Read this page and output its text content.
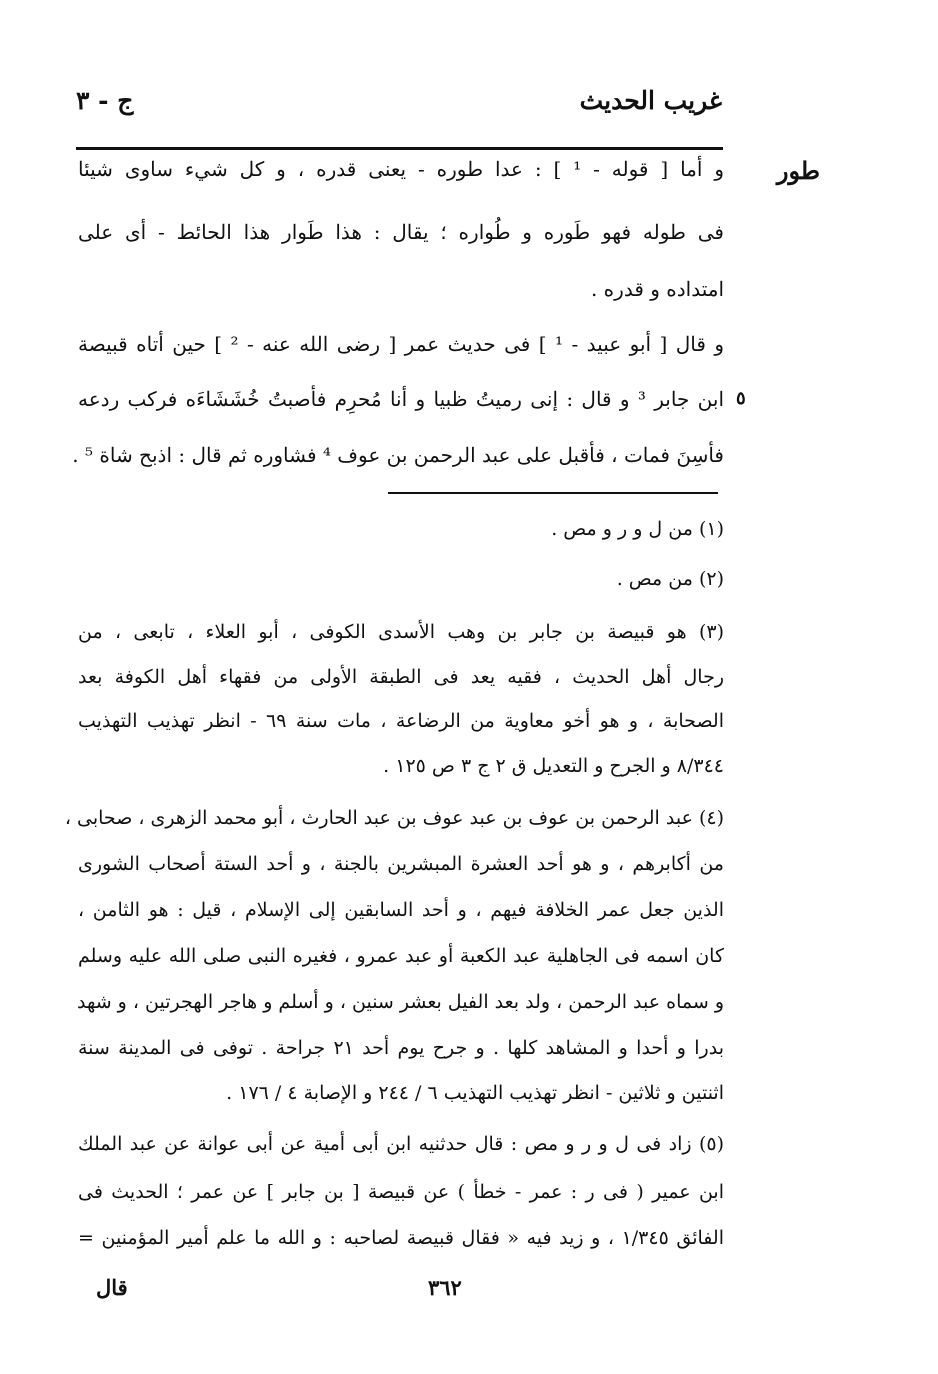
غريب الحديث
ج - ٣
طور
٥
و أما [ قوله - ¹ ] : عدا طوره - يعنى قدره ، و كل شيء ساوى شيئا
فى طوله فهو طَوره و طُواره ؛ يقال : هذا طَوار هذا الحائط - أى على
امتداده و قدره .
و قال [ أبو عبيد - ¹ ] فى حديث عمر [ رضى الله عنه - ² ] حين أتاه قبيصة
ابن جابر ³ و قال : إنى رميتُ ظبيا و أنا مُحرِم فأصبتُ خُشَشَاءَه فركب ردعه
فأسِنَ فمات ، فأقبل على عبد الرحمن بن عوف ⁴ فشاوره ثم قال : اذبح شاة ⁵ .
(١) من ل و ر و مص .
(٢) من مص .
(٣) هو قبيصة بن جابر بن وهب الأسدى الكوفى ، أبو العلاء ، تابعى ، من
رجال أهل الحديث ، فقيه يعد فى الطبقة الأولى من فقهاء أهل الكوفة بعد
الصحابة ، و هو أخو معاوية من الرضاعة ، مات سنة ٦٩ - انظر تهذيب التهذيب
٨/٣٤٤ و الجرح و التعديل ق ٢ ج ٣ ص ١٢٥ .
(٤) عبد الرحمن بن عوف بن عبد عوف بن عبد الحارث ، أبو محمد الزهرى ، صحابى ،
من أكابرهم ، و هو أحد العشرة المبشرين بالجنة ، و أحد الستة أصحاب الشورى
الذين جعل عمر الخلافة فيهم ، و أحد السابقين إلى الإسلام ، قيل : هو الثامن ،
كان اسمه فى الجاهلية عبد الكعبة أو عبد عمرو ، فغيره النبى صلى الله عليه وسلم
و سماه عبد الرحمن ، ولد بعد الفيل بعشر سنين ، و أسلم و هاجر الهجرتين ، و شهد
بدرا و أحدا و المشاهد كلها . و جرح يوم أحد ٢١ جراحة . توفى فى المدينة سنة
اثنتين و ثلاثين - انظر تهذيب التهذيب ٦ / ٢٤٤ و الإصابة ٤ / ١٧٦ .
(٥) زاد فى ل و ر و مص : قال حدثنيه ابن أبى أمية عن أبى عوانة عن عبد الملك
ابن عمير ( فى ر : عمر - خطأ ) عن قبيصة [ بن جابر ] عن عمر ؛ الحديث فى
الفائق ١/٣٤٥ ، و زيد فيه « فقال قبيصة لصاحبه : و الله ما علم أمير المؤمنين =
٣٦٢
قال
